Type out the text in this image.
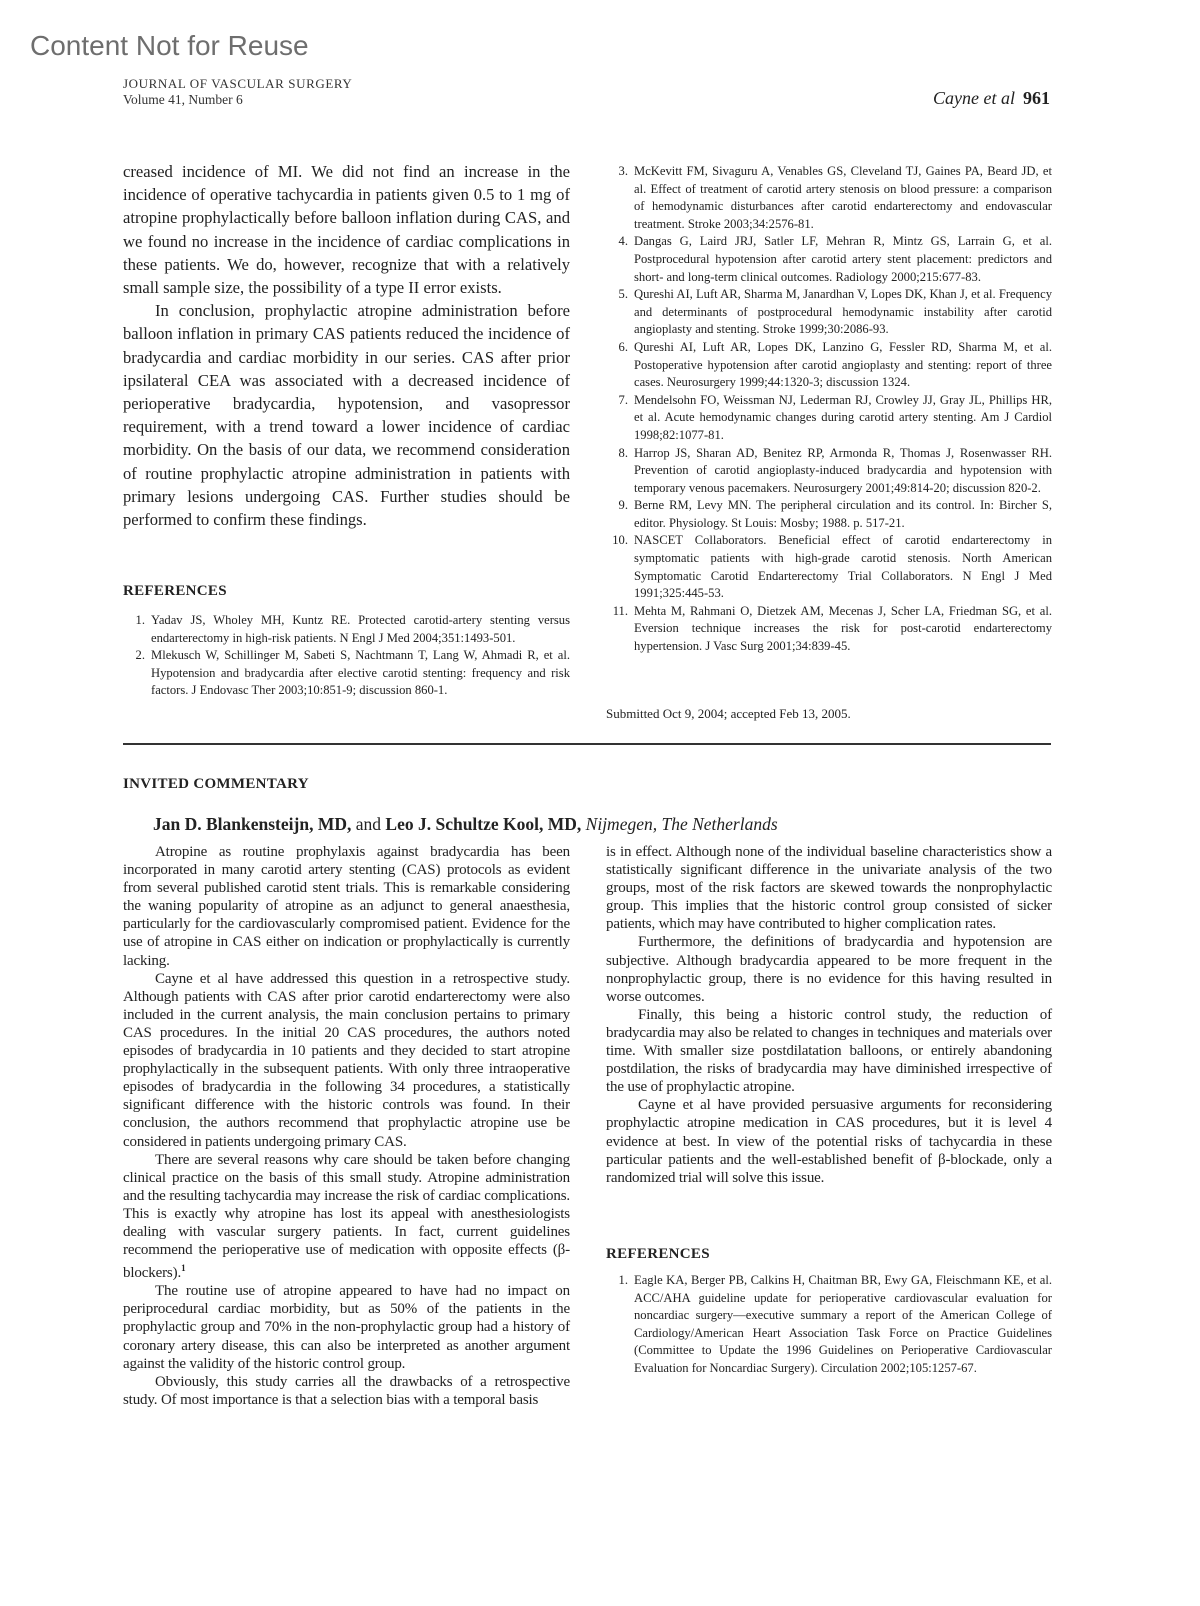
Content Not for Reuse
JOURNAL OF VASCULAR SURGERY
Volume 41, Number 6	Cayne et al 961

creased incidence of MI. We did not find an increase in the incidence of operative tachycardia in patients given 0.5 to 1 mg of atropine prophylactically before balloon inflation during CAS, and we found no increase in the incidence of cardiac complications in these patients. We do, however, recognize that with a relatively small sample size, the possibility of a type II error exists.

In conclusion, prophylactic atropine administration before balloon inflation in primary CAS patients reduced the incidence of bradycardia and cardiac morbidity in our series. CAS after prior ipsilateral CEA was associated with a decreased incidence of perioperative bradycardia, hypotension, and vasopressor requirement, with a trend toward a lower incidence of cardiac morbidity. On the basis of our data, we recommend consideration of routine prophylactic atropine administration in patients with primary lesions undergoing CAS. Further studies should be performed to confirm these findings.

REFERENCES
1. Yadav JS, Wholey MH, Kuntz RE. Protected carotid-artery stenting versus endarterectomy in high-risk patients. N Engl J Med 2004;351:1493-501.
2. Mlekusch W, Schillinger M, Sabeti S, Nachtmann T, Lang W, Ahmadi R, et al. Hypotension and bradycardia after elective carotid stenting: frequency and risk factors. J Endovasc Ther 2003;10:851-9; discussion 860-1.
3. McKevitt FM, Sivaguru A, Venables GS, Cleveland TJ, Gaines PA, Beard JD, et al. Effect of treatment of carotid artery stenosis on blood pressure: a comparison of hemodynamic disturbances after carotid endarterectomy and endovascular treatment. Stroke 2003;34:2576-81.
4. Dangas G, Laird JRJ, Satler LF, Mehran R, Mintz GS, Larrain G, et al. Postprocedural hypotension after carotid artery stent placement: predictors and short- and long-term clinical outcomes. Radiology 2000;215:677-83.
5. Qureshi AI, Luft AR, Sharma M, Janardhan V, Lopes DK, Khan J, et al. Frequency and determinants of postprocedural hemodynamic instability after carotid angioplasty and stenting. Stroke 1999;30:2086-93.
6. Qureshi AI, Luft AR, Lopes DK, Lanzino G, Fessler RD, Sharma M, et al. Postoperative hypotension after carotid angioplasty and stenting: report of three cases. Neurosurgery 1999;44:1320-3; discussion 1324.
7. Mendelsohn FO, Weissman NJ, Lederman RJ, Crowley JJ, Gray JL, Phillips HR, et al. Acute hemodynamic changes during carotid artery stenting. Am J Cardiol 1998;82:1077-81.
8. Harrop JS, Sharan AD, Benitez RP, Armonda R, Thomas J, Rosenwasser RH. Prevention of carotid angioplasty-induced bradycardia and hypotension with temporary venous pacemakers. Neurosurgery 2001;49:814-20; discussion 820-2.
9. Berne RM, Levy MN. The peripheral circulation and its control. In: Bircher S, editor. Physiology. St Louis: Mosby; 1988. p. 517-21.
10. NASCET Collaborators. Beneficial effect of carotid endarterectomy in symptomatic patients with high-grade carotid stenosis. North American Symptomatic Carotid Endarterectomy Trial Collaborators. N Engl J Med 1991;325:445-53.
11. Mehta M, Rahmani O, Dietzek AM, Mecenas J, Scher LA, Friedman SG, et al. Eversion technique increases the risk for post-carotid endarterectomy hypertension. J Vasc Surg 2001;34:839-45.
Submitted Oct 9, 2004; accepted Feb 13, 2005.
INVITED COMMENTARY
Jan D. Blankensteijn, MD, and Leo J. Schultze Kool, MD, Nijmegen, The Netherlands

Atropine as routine prophylaxis against bradycardia has been incorporated in many carotid artery stenting (CAS) protocols as evident from several published carotid stent trials. This is remarkable considering the waning popularity of atropine as an adjunct to general anaesthesia, particularly for the cardiovascularly compromised patient. Evidence for the use of atropine in CAS either on indication or prophylactically is currently lacking.

Cayne et al have addressed this question in a retrospective study. Although patients with CAS after prior carotid endarterectomy were also included in the current analysis, the main conclusion pertains to primary CAS procedures. In the initial 20 CAS procedures, the authors noted episodes of bradycardia in 10 patients and they decided to start atropine prophylactically in the subsequent patients. With only three intraoperative episodes of bradycardia in the following 34 procedures, a statistically significant difference with the historic controls was found. In their conclusion, the authors recommend that prophylactic atropine use be considered in patients undergoing primary CAS.

There are several reasons why care should be taken before changing clinical practice on the basis of this small study. Atropine administration and the resulting tachycardia may increase the risk of cardiac complications. This is exactly why atropine has lost its appeal with anesthesiologists dealing with vascular surgery patients. In fact, current guidelines recommend the perioperative use of medication with opposite effects (β-blockers).$^1$

The routine use of atropine appeared to have had no impact on periprocedural cardiac morbidity, but as 50% of the patients in the prophylactic group and 70% in the non-prophylactic group had a history of coronary artery disease, this can also be interpreted as another argument against the validity of the historic control group.

Obviously, this study carries all the drawbacks of a retrospective study. Of most importance is that a selection bias with a temporal basis

is in effect. Although none of the individual baseline characteristics show a statistically significant difference in the univariate analysis of the two groups, most of the risk factors are skewed towards the nonprophylactic group. This implies that the historic control group consisted of sicker patients, which may have contributed to higher complication rates.

Furthermore, the definitions of bradycardia and hypotension are subjective. Although bradycardia appeared to be more frequent in the nonprophylactic group, there is no evidence for this having resulted in worse outcomes.

Finally, this being a historic control study, the reduction of bradycardia may also be related to changes in techniques and materials over time. With smaller size postdilatation balloons, or entirely abandoning postdilation, the risks of bradycardia may have diminished irrespective of the use of prophylactic atropine.

Cayne et al have provided persuasive arguments for reconsidering prophylactic atropine medication in CAS procedures, but it is level 4 evidence at best. In view of the potential risks of tachycardia in these particular patients and the well-established benefit of β-blockade, only a randomized trial will solve this issue.

REFERENCES
1. Eagle KA, Berger PB, Calkins H, Chaitman BR, Ewy GA, Fleischmann KE, et al. ACC/AHA guideline update for perioperative cardiovascular evaluation for noncardiac surgery—executive summary a report of the American College of Cardiology/American Heart Association Task Force on Practice Guidelines (Committee to Update the 1996 Guidelines on Perioperative Cardiovascular Evaluation for Noncardiac Surgery). Circulation 2002;105:1257-67.
